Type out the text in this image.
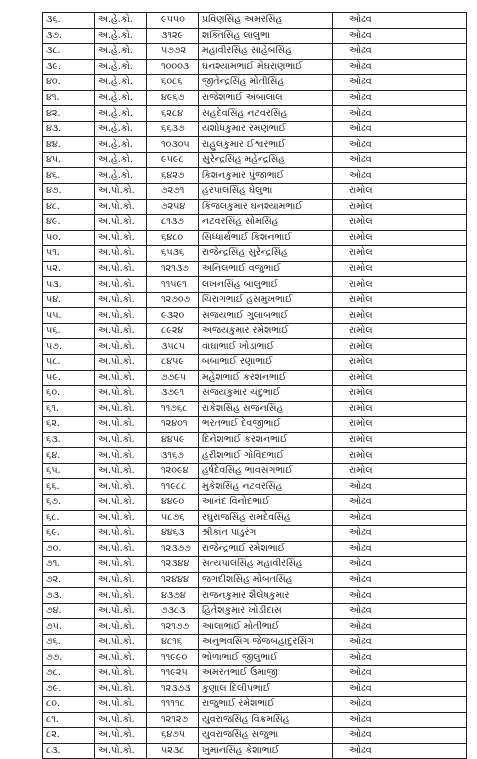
૩૬.	અ.હે.કો.	૯૫૫૦	પ્રવિણસિંહ અમરસિંહ	ઓઢવ
૩૭.	અ.હે.કો.	૩૧૨૯	શક્તિસિંહ લાલુભા	ઓઢવ
૩૮.	અ.હે.કો.	૫૭૭૨	મહાવીરસિંહ સાહેબસિંહ	ઓઢવ
૩૯.	અ.હે.કો.	૧૦૦૦૩	ઘનશ્યામભાઈ મેઘરાણભાઈ	ઓઢવ
૪૦.	અ.હે.કો.	૬૦૮૬	જીતેન્દ્રસિંહ મોતીસિંહ	ઓઢવ
૪૧.	અ.હે.કો.	૪૯૬૭	રાજેશભાઈ અંબાલાલ	ઓઢવ
૪૨.	અ.હે.કો.	૬૨૮૪	સહદેવસિંહ નટવરસિંહ	ઓઢવ
૪૩.	અ.હે.કો.	૬૬૩૭	યશોધકુમાર રમણભાઈ	ઓઢવ
૪૪.	અ.હે.કો.	૧૦૩૦૫	રાહુલકુમાર ઈશ્વરભાઈ	ઓઢવ
૪૫.	અ.હે.કો.	૯૫૯૮	સુરેન્દ્રસિંહ મહેન્દ્રસિંહ	ઓઢવ
૪૬.	અ.હે.કો.	૬૪૨૭	કિશનકુમાર પુંજાભાઈ	ઓઢવ
૪૭.	અ.પો.કો.	૭૨૭૧	હરપાલસિંહ ઘેલુભા	રામોલ
૪૮.	અ.પો.કો.	૭૨૫૪	કિંજલકુમાર ઘનશ્યામભાઈ	રામોલ
૪૯.	અ.પો.કો.	૮૧૩૭	નટવરસિંહ સોમસિંહ	રામોલ
૫૦.	અ.પો.કો.	૬૪૮૦	સિધ્ધાર્થભાઈ કિશનભાઈ	રામોલ
૫૧.	અ.પો.કો.	૬૫૩૬	રાજેન્દ્રસિંહ સુરેન્દ્રસિંહ	રામોલ
૫૨.	અ.પો.કો.	૧૨૧૩૭	અનિલભાઈ વજુભાઈ	રામોલ
૫૩.	અ.પો.કો.	૧૧૫૯૧	લખનસિંહ બાલુભાઈ	રામોલ
૫૪.	અ.પો.કો.	૧૨૭૦૭	ચિરાગભાઈ હસમુખભાઈ	રામોલ
૫૫.	અ.પો.કો.	૯૩૨૦	સંજયભાઈ ગુલાબભાઈ	રામોલ
૫૬.	અ.પો.કો.	૮૯૨૪	અજયકુમાર રમેશભાઈ	રામોલ
૫૭.	અ.પો.કો.	૩૫૮૫	વાઘાભાઈ ખોડાભાઈ	રામોલ
૫૮.	અ.પો.કો.	૮૪૫૯	બબાભાઈ રણાભાઈ	રામોલ
૫૯.	અ.પો.કો.	૭૭૯૫	મહેશભાઈ કરશનભાઈ	રામોલ
૬૦.	અ.પો.કો.	૩૭૯૧	સંજયકુમાર ચંદુભાઈ	રામોલ
૬૧.	અ.પો.કો.	૧૧૭૬૮	રાકેશસિંહ સજનસિંહ	રામોલ
૬૨.	અ.પો.કો.	૧૨૪૦૧	ભરતભાઈ દેવજીભાઈ	રામોલ
૬૩.	અ.પો.કો.	૪૪૫૯	દિનેશભાઈ કરશનભાઈ	રામોલ
૬૪.	અ.પો.કો.	૩૧૬૭	હરીશભાઈ ગોવિંદભાઈ	રામોલ
૬૫.	અ.પો.કો.	૧૨૦૯૪	હર્ષદેવસિંહ ભાવસંગભાઈ	રામોલ
૬૬.	અ.પો.કો.	૧૧૯૮૮	મુકેશસિંહ નટવરસિંહ	ઓઢવ
૬૭.	અ.પો.કો.	૪૪૯૦	આનંદ વિનોદભાઈ	ઓઢવ
૬૮.	અ.પો.કો.	૫૮૭૬	રઘુરાજસિંહ રામદેવસિંહ	ઓઢવ
૬૯.	અ.પો.કો.	૪૪૬૩	શ્રીકાંત પાડુરંગ	ઓઢવ
૭૦.	અ.પો.કો.	૧૨૩૭૭	રાજેન્દ્રભાઈ રમેશભાઈ	ઓઢવ
૭૧.	અ.પો.કો.	૧૨૩૪૪	સત્યપાલસિંહ મહાવીરસિંહ	ઓઢવ
૭૨.	અ.પો.કો.	૧૨૪૪૪	જગદીશસિંહ મોબતસિંહ	ઓઢવ
૭૩.	અ.પો.કો.	૪૩૭૪	રાજનકુમાર શૈલેષકુમાર	ઓઢવ
૭૪.	અ.પો.કો.	૭૩૮૩	હિતેશકુમાર ખોડીદાસ	ઓઢવ
૭૫.	અ.પો.કો.	૧૨૧૭૭	આલાભાઈ મોતીભાઈ	ઓઢવ
૭૬.	અ.પો.કો.	૪૮૧૬	અનુભવસિંગ જેજબહાદુરસિંગ	ઓઢવ
૭૭.	અ.પો.કો.	૧૧૯૯૦	ભોળાભાઈ જીલુભાઈ	ઓઢવ
૭૮.	અ.પો.કો.	૧૧૯૨૫	અમરતભાઈ ઉમાજી	ઓઢવ
૭૯.	અ.પો.કો.	૧૨૩૭૩	કુણાલ દિલીપભાઈ	ઓઢવ
૮૦.	અ.પો.કો.	૧૧૧૧૮	રાજુભાઈ રમેશભાઈ	ઓઢવ
૮૧.	અ.પો.કો.	૧૨૧૨૭	યુવરાજસિંહ વિક્રમસિંહ	ઓઢવ
૮૨.	અ.પો.કો.	૬૪૭૫	યુવરાજસિંહ સજુભા	ઓઢવ
૮૩.	અ.પો.કો.	૫૨૩૮	ખુમાનસિંહ કેશાભાઈ	ઓઢવ
